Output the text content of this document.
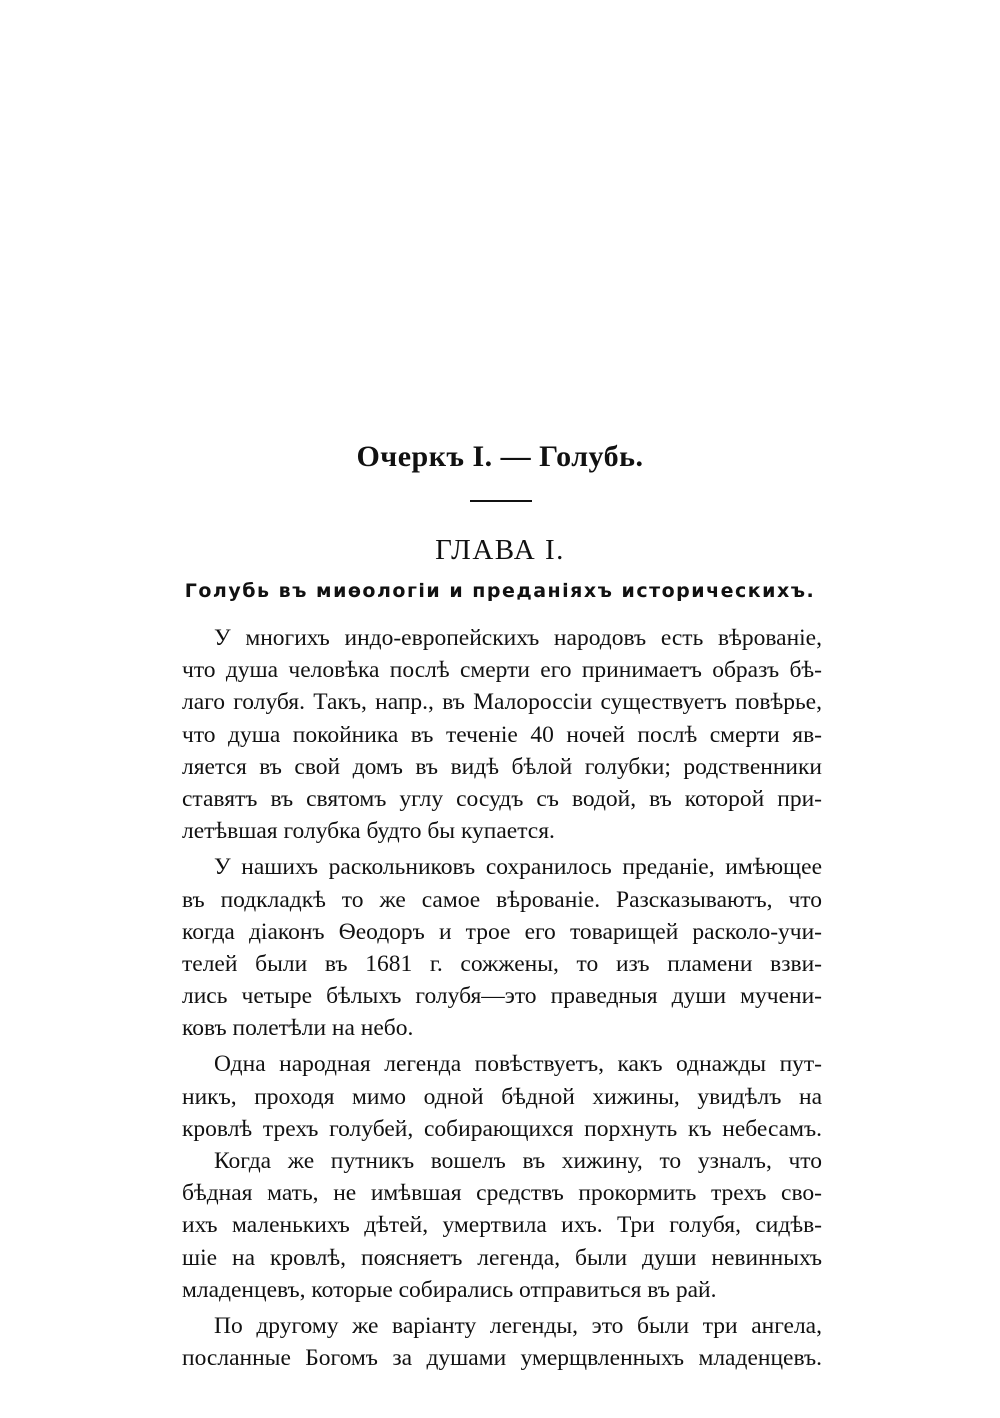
Очеркъ I. — Голубь.
ГЛАВА I.
Голубь въ миѳологіи и преданіяхъ историческихъ.

У многихъ индо-европейскихъ народовъ есть вѣрованіе,
что душа человѣка послѣ смерти его принимаетъ образъ бѣ-
лаго голубя. Такъ, напр., въ Малороссіи существуетъ повѣрье,
что душа покойника въ теченіе 40 ночей послѣ смерти яв-
ляется въ свой домъ въ видѣ бѣлой голубки; родственники
ставятъ въ святомъ углу сосудъ съ водой, въ которой при-
летѣвшая голубка будто бы купается.

У нашихъ раскольниковъ сохранилось преданіе, имѣющее
въ подкладкѣ то же самое вѣрованіе. Разсказываютъ, что
когда діаконъ Ѳеодоръ и трое его товарищей расколо-учи-
телей были въ 1681 г. сожжены, то изъ пламени взви-
лись четыре бѣлыхъ голубя—это праведныя души мучени-
ковъ полетѣли на небо.

Одна народная легенда повѣствуетъ, какъ однажды пут-
никъ, проходя мимо одной бѣдной хижины, увидѣлъ на
кровлѣ трехъ голубей, собирающихся порхнуть къ небесамъ.
Когда же путникъ вошелъ въ хижину, то узналъ, что
бѣдная мать, не имѣвшая средствъ прокормить трехъ сво-
ихъ маленькихъ дѣтей, умертвила ихъ. Три голубя, сидѣв-
шіе на кровлѣ, поясняетъ легенда, были души невинныхъ
младенцевъ, которые собирались отправиться въ рай.

По другому же варіанту легенды, это были три ангела,
посланные Богомъ за душами умерщвленныхъ младенцевъ.
